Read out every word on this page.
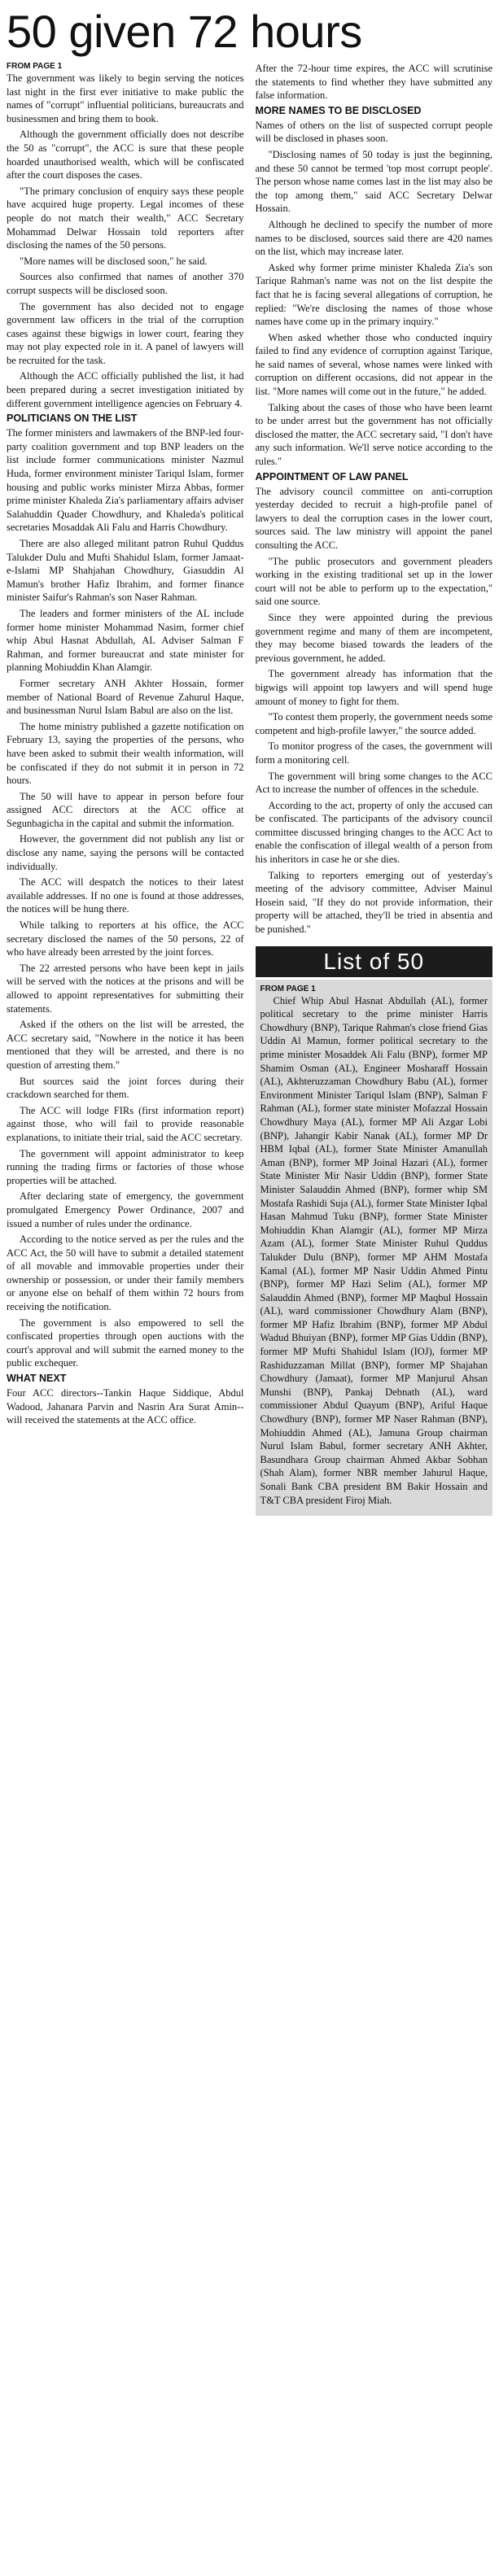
50 given 72 hours
FROM PAGE 1

The government was likely to begin serving the notices last night in the first ever initiative to make public the names of "corrupt" influential politicians, bureaucrats and businessmen and bring them to book.

Although the government officially does not describe the 50 as "corrupt", the ACC is sure that these people hoarded unauthorised wealth, which will be confiscated after the court disposes the cases.

"The primary conclusion of enquiry says these people have acquired huge property. Legal incomes of these people do not match their wealth," ACC Secretary Mohammad Delwar Hossain told reporters after disclosing the names of the 50 persons.

"More names will be disclosed soon," he said.

Sources also confirmed that names of another 370 corrupt suspects will be disclosed soon.

The government has also decided not to engage government law officers in the trial of the corruption cases against these bigwigs in lower court, fearing they may not play expected role in it. A panel of lawyers will be recruited for the task.

Although the ACC officially published the list, it had been prepared during a secret investigation initiated by different government intelligence agencies on February 4.

POLITICIANS ON THE LIST

The former ministers and lawmakers of the BNP-led four-party coalition government and top BNP leaders on the list include former communications minister Nazmul Huda, former environment minister Tariqul Islam, former housing and public works minister Mirza Abbas, former prime minister Khaleda Zia's parliamentary affairs adviser Salahuddin Quader Chowdhury, and Khaleda's political secretaries Mosaddak Ali Falu and Harris Chowdhury.

There are also alleged militant patron Ruhul Quddus Talukder Dulu and Mufti Shahidul Islam, former Jamaat-e-Islami MP Shahjahan Chowdhury, Giasuddin Al Mamun's brother Hafiz Ibrahim, and former finance minister Saifur's Rahman's son Naser Rahman.

The leaders and former ministers of the AL include former home minister Mohammad Nasim, former chief whip Abul Hasnat Abdullah, AL Adviser Salman F Rahman, and former bureaucrat and state minister for planning Mohiuddin Khan Alamgir.

Former secretary ANH Akhter Hossain, former member of National Board of Revenue Zahurul Haque, and businessman Nurul Islam Babul are also on the list.

The home ministry published a gazette notification on February 13, saying the properties of the persons, who have been asked to submit their wealth information, will be confiscated if they do not submit it in person in 72 hours.

The 50 will have to appear in person before four assigned ACC directors at the ACC office at Segunbagicha in the capital and submit the information.

However, the government did not publish any list or disclose any name, saying the persons will be contacted individually.

The ACC will despatch the notices to their latest available addresses. If no one is found at those addresses, the notices will be hung there.

While talking to reporters at his office, the ACC secretary disclosed the names of the 50 persons, 22 of who have already been arrested by the joint forces.

The 22 arrested persons who have been kept in jails will be served with the notices at the prisons and will be allowed to appoint representatives for submitting their statements.

Asked if the others on the list will be arrested, the ACC secretary said, "Nowhere in the notice it has been mentioned that they will be arrested, and there is no question of arresting them."

But sources said the joint forces during their crackdown searched for them.

The ACC will lodge FIRs (first information report) against those, who will fail to provide reasonable explanations, to initiate their trial, said the ACC secretary.

The government will appoint administrator to keep running the trading firms or factories of those whose properties will be attached.

After declaring state of emergency, the government promulgated Emergency Power Ordinance, 2007 and issued a number of rules under the ordinance.

According to the notice served as per the rules and the ACC Act, the 50 will have to submit a detailed statement of all movable and immovable properties under their ownership or possession, or under their family members or anyone else on behalf of them within 72 hours from receiving the notification.

The government is also empowered to sell the confiscated properties through open auctions with the court's approval and will submit the earned money to the public exchequer.

WHAT NEXT

Four ACC directors--Tankin Haque Siddique, Abdul Wadood, Jahanara Parvin and Nasrin Ara Surat Amin--will received the statements at the ACC office.

After the 72-hour time expires, the ACC will scrutinise the statements to find whether they have submitted any false information.

MORE NAMES TO BE DISCLOSED

Names of others on the list of suspected corrupt people will be disclosed in phases soon.

"Disclosing names of 50 today is just the beginning, and these 50 cannot be termed 'top most corrupt people'. The person whose name comes last in the list may also be the top among them," said ACC Secretary Delwar Hossain.

Although he declined to specify the number of more names to be disclosed, sources said there are 420 names on the list, which may increase later.

Asked why former prime minister Khaleda Zia's son Tarique Rahman's name was not on the list despite the fact that he is facing several allegations of corruption, he replied: "We're disclosing the names of those whose names have come up in the primary inquiry."

When asked whether those who conducted inquiry failed to find any evidence of corruption against Tarique, he said names of several, whose names were linked with corruption on different occasions, did not appear in the list. "More names will come out in the future," he added.

Talking about the cases of those who have been learnt to be under arrest but the government has not officially disclosed the matter, the ACC secretary said, "I don't have any such information. We'll serve notice according to the rules."

APPOINTMENT OF LAW PANEL

The advisory council committee on anti-corruption yesterday decided to recruit a high-profile panel of lawyers to deal the corruption cases in the lower court, sources said. The law ministry will appoint the panel consulting the ACC.

"The public prosecutors and government pleaders working in the existing traditional set up in the lower court will not be able to perform up to the expectation," said one source.

Since they were appointed during the previous government regime and many of them are incompetent, they may become biased towards the leaders of the previous government, he added.

The government already has information that the bigwigs will appoint top lawyers and will spend huge amount of money to fight for them.

"To contest them properly, the government needs some competent and high-profile lawyer," the source added.

To monitor progress of the cases, the government will form a monitoring cell.

The government will bring some changes to the ACC Act to increase the number of offences in the schedule.

According to the act, property of only the accused can be confiscated. The participants of the advisory council committee discussed bringing changes to the ACC Act to enable the confiscation of illegal wealth of a person from his inheritors in case he or she dies.

Talking to reporters emerging out of yesterday's meeting of the advisory committee, Adviser Mainul Hosein said, "If they do not provide information, their property will be attached, they'll be tried in absentia and be punished."

List of 50
FROM PAGE 1

Chief Whip Abul Hasnat Abdullah (AL), former political secretary to the prime minister Harris Chowdhury (BNP), Tarique Rahman's close friend Gias Uddin Al Mamun, former political secretary to the prime minister Mosaddek Ali Falu (BNP), former MP Shamim Osman (AL), Engineer Mosharaff Hossain (AL), Akhteruzzaman Chowdhury Babu (AL), former Environment Minister Tariqul Islam (BNP), Salman F Rahman (AL), former state minister Mofazzal Hossain Chowdhury Maya (AL), former MP Ali Azgar Lobi (BNP), Jahangir Kabir Nanak (AL), former MP Dr HBM Iqbal (AL), former State Minister Amanullah Aman (BNP), former MP Joinal Hazari (AL), former State Minister Mir Nasir Uddin (BNP), former State Minister Salauddin Ahmed (BNP), former whip SM Mostafa Rashidi Suja (AL), former State Minister Iqbal Hasan Mahmud Tuku (BNP), former State Minister Mohiuddin Khan Alamgir (AL), former MP Mirza Azam (AL), former State Minister Ruhul Quddus Talukder Dulu (BNP), former MP AHM Mostafa Kamal (AL), former MP Nasir Uddin Ahmed Pintu (BNP), former MP Hazi Selim (AL), former MP Salauddin Ahmed (BNP), former MP Maqbul Hossain (AL), ward commissioner Chowdhury Alam (BNP), former MP Hafiz Ibrahim (BNP), former MP Abdul Wadud Bhuiyan (BNP), former MP Gias Uddin (BNP), former MP Mufti Shahidul Islam (IOJ), former MP Rashiduzzaman Millat (BNP), former MP Shajahan Chowdhury (Jamaat), former MP Manjurul Ahsan Munshi (BNP), Pankaj Debnath (AL), ward commissioner Abdul Quayum (BNP), Ariful Haque Chowdhury (BNP), former MP Naser Rahman (BNP), Mohiuddin Ahmed (AL), Jamuna Group chairman Nurul Islam Babul, former secretary ANH Akhter, Basundhara Group chairman Ahmed Akbar Sobhan (Shah Alam), former NBR member Jahurul Haque, Sonali Bank CBA president BM Bakir Hossain and T&T CBA president Firoj Miah.
